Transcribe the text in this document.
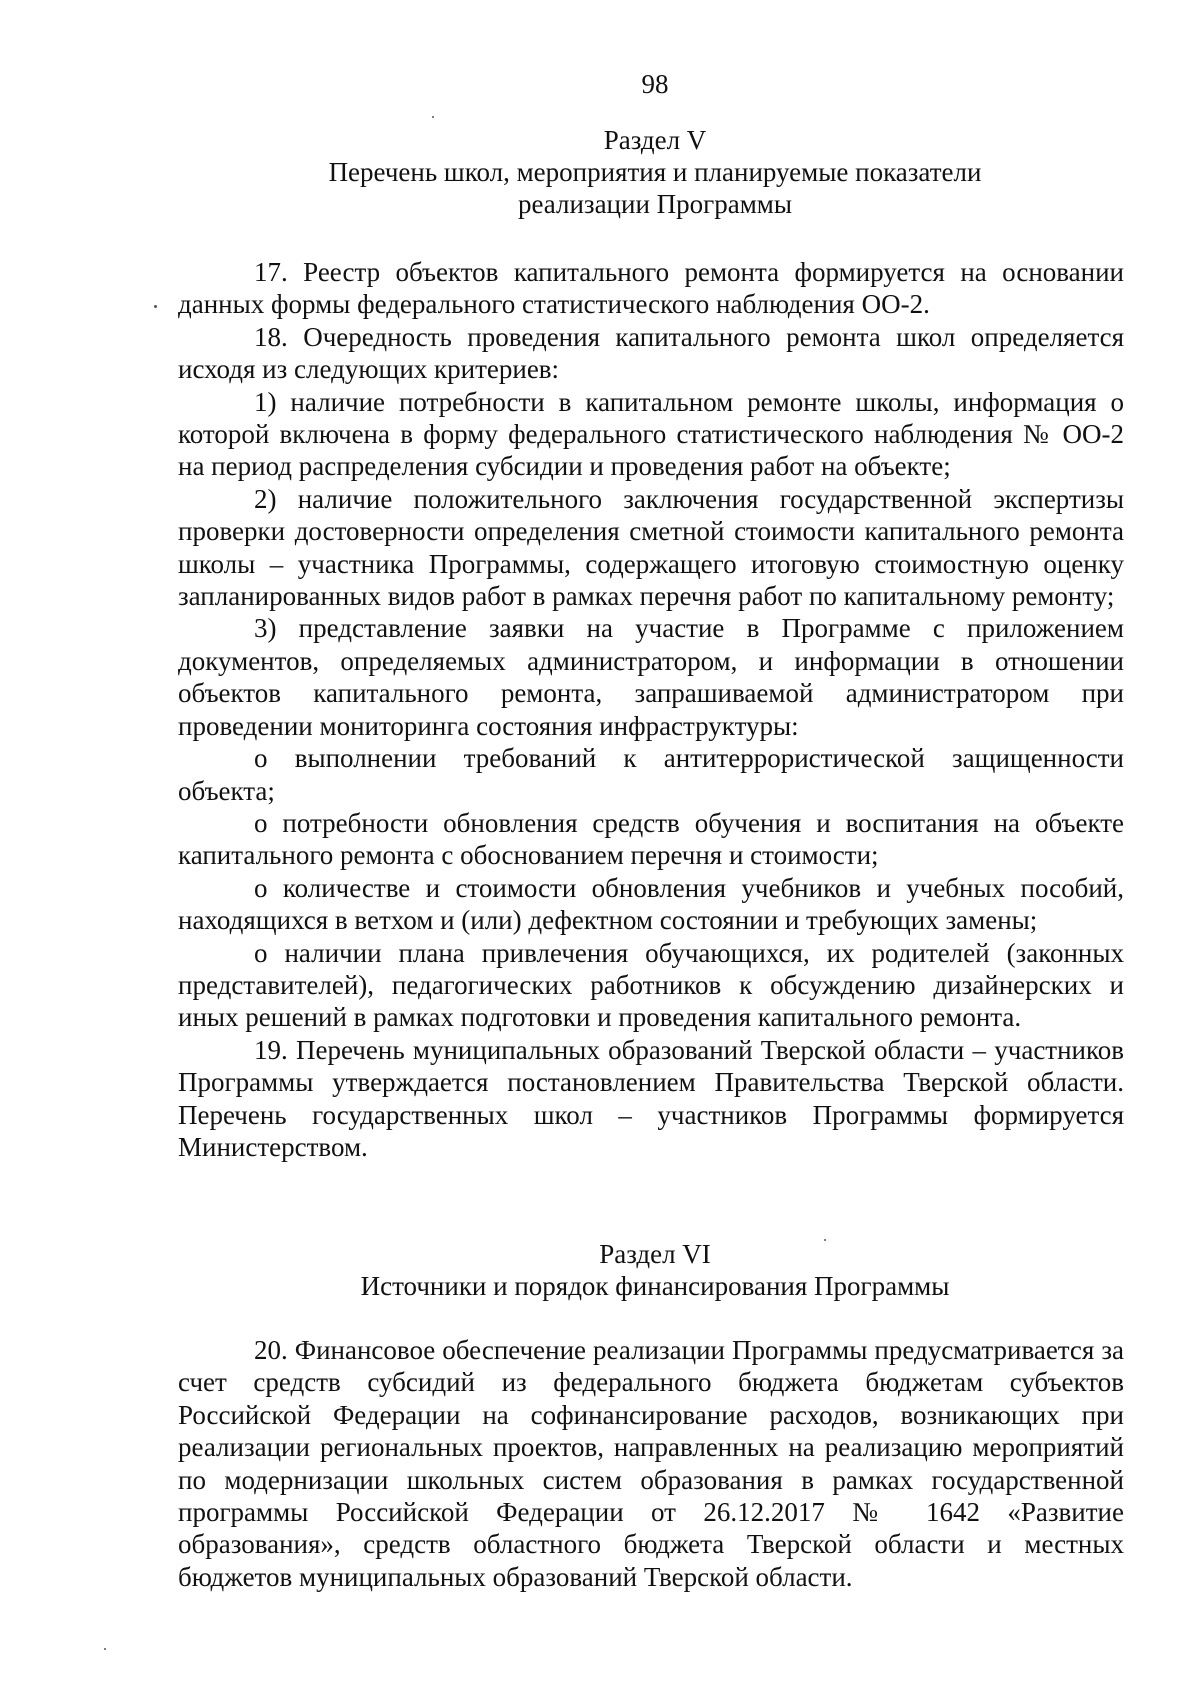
98
Раздел V
Перечень школ, мероприятия и планируемые показатели
реализации Программы

17. Реестр объектов капитального ремонта формируется на основании данных формы федерального статистического наблюдения ОО-2.

18. Очередность проведения капитального ремонта школ определяется исходя из следующих критериев:

1) наличие потребности в капитальном ремонте школы, информация о которой включена в форму федерального статистического наблюдения № ОО-2 на период распределения субсидии и проведения работ на объекте;

2) наличие положительного заключения государственной экспертизы проверки достоверности определения сметной стоимости капитального ремонта школы – участника Программы, содержащего итоговую стоимостную оценку запланированных видов работ в рамках перечня работ по капитальному ремонту;

3) представление заявки на участие в Программе с приложением документов, определяемых администратором, и информации в отношении объектов капитального ремонта, запрашиваемой администратором при проведении мониторинга состояния инфраструктуры:

о выполнении требований к антитеррористической защищенности объекта;

о потребности обновления средств обучения и воспитания на объекте капитального ремонта с обоснованием перечня и стоимости;

о количестве и стоимости обновления учебников и учебных пособий, находящихся в ветхом и (или) дефектном состоянии и требующих замены;

о наличии плана привлечения обучающихся, их родителей (законных представителей), педагогических работников к обсуждению дизайнерских и иных решений в рамках подготовки и проведения капитального ремонта.

19. Перечень муниципальных образований Тверской области – участников Программы утверждается постановлением Правительства Тверской области. Перечень государственных школ – участников Программы формируется Министерством.

Раздел VI
Источники и порядок финансирования Программы

20. Финансовое обеспечение реализации Программы предусматривается за счет средств субсидий из федерального бюджета бюджетам субъектов Российской Федерации на софинансирование расходов, возникающих при реализации региональных проектов, направленных на реализацию мероприятий по модернизации школьных систем образования в рамках государственной программы Российской Федерации от 26.12.2017 № 1642 «Развитие образования», средств областного бюджета Тверской области и местных бюджетов муниципальных образований Тверской области.
